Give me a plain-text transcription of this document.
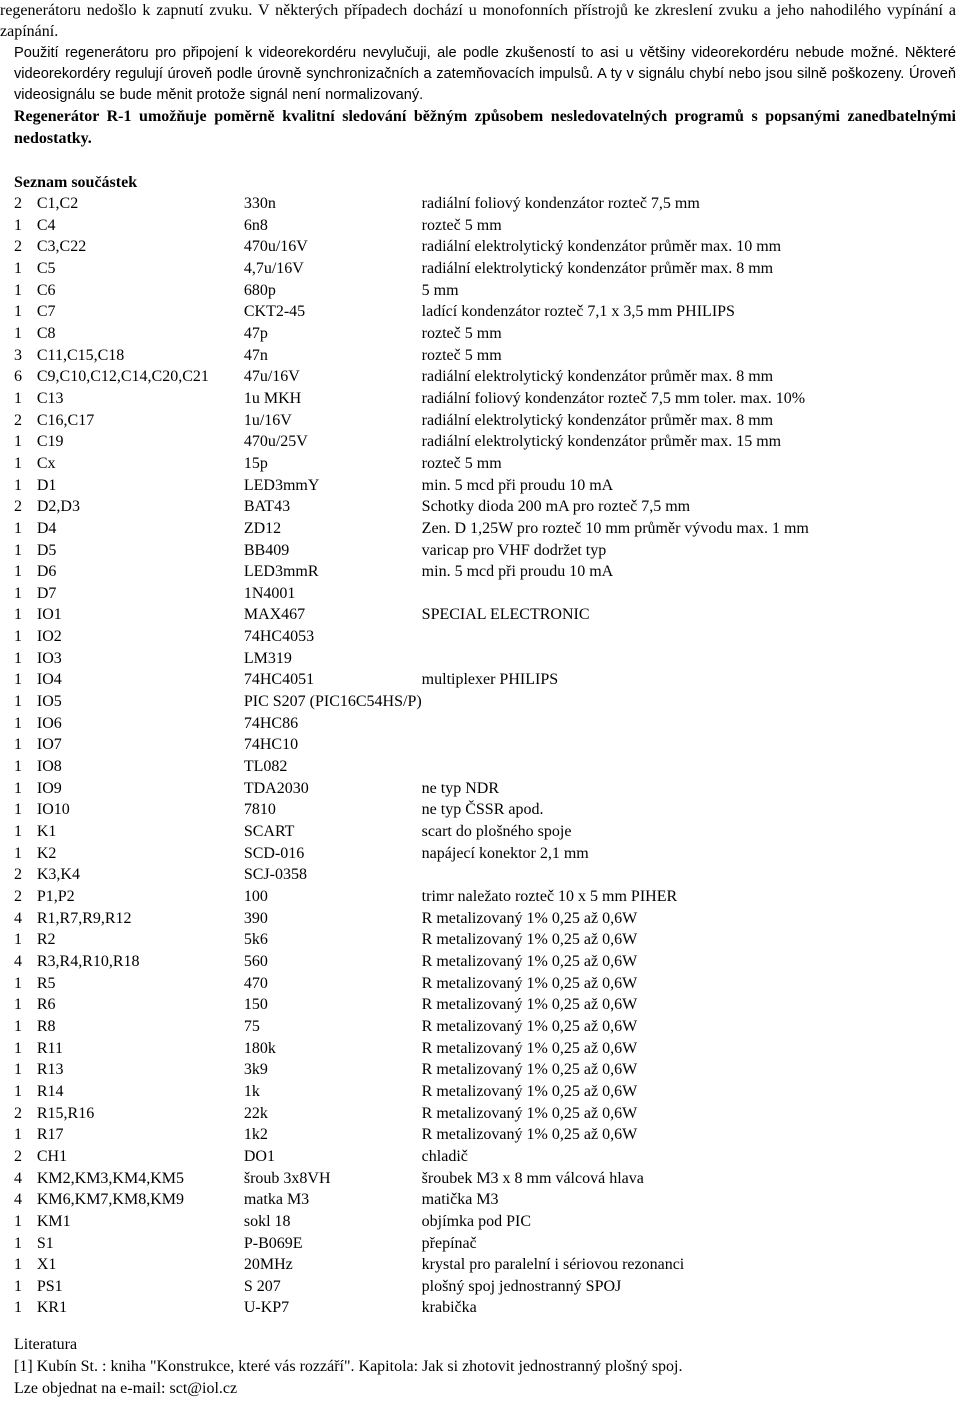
regenerátoru nedošlo k zapnutí zvuku. V některých případech dochází u monofonních přístrojů ke zkreslení zvuku a jeho nahodilého vypínání a zapínání.

Použití regenerátoru pro připojení k videorekordéru nevylučuji, ale podle zkušeností to asi u většiny videorekordéru nebude možné. Některé videorekordéry regulují úroveň podle úrovně synchronizačních a zatemňovacích impulsů. A ty v signálu chybí nebo jsou silně poškozeny. Úroveň videosignálu se bude měnit protože signál není normalizovaný.

Regenerátor R-1 umožňuje poměrně kvalitní sledování běžným způsobem nesledovatelných programů s popsanými zanedbatelnými nedostatky.

Seznam součástek
2	C1,C2	330n	radiální foliový kondenzátor rozteč 7,5 mm
1	C4	6n8	rozteč 5 mm
2	C3,C22	470u/16V	radiální elektrolytický kondenzátor průměr max. 10 mm
1	C5	4,7u/16V	radiální elektrolytický kondenzátor průměr max. 8 mm
1	C6	680p	5 mm
1	C7	CKT2-45	ladící kondenzátor rozteč 7,1 x 3,5 mm PHILIPS
1	C8	47p	rozteč 5 mm
3	C11,C15,C18	47n	rozteč 5 mm
6	C9,C10,C12,C14,C20,C21	47u/16V	radiální elektrolytický kondenzátor průměr max. 8 mm
1	C13	1u MKH	radiální foliový kondenzátor rozteč 7,5 mm toler. max. 10%
2	C16,C17	1u/16V	radiální elektrolytický kondenzátor průměr max. 8 mm
1	C19	470u/25V	radiální elektrolytický kondenzátor průměr max. 15 mm
1	Cx	15p	rozteč 5 mm
1	D1	LED3mmY	min. 5 mcd při proudu 10 mA
2	D2,D3	BAT43	Schotky dioda 200 mA pro rozteč 7,5 mm
1	D4	ZD12	Zen. D 1,25W pro rozteč 10 mm průměr vývodu max. 1 mm
1	D5	BB409	varicap pro VHF dodržet typ
1	D6	LED3mmR	min. 5 mcd při proudu 10 mA
1	D7	1N4001	
1	IO1	MAX467	SPECIAL ELECTRONIC
1	IO2	74HC4053	
1	IO3	LM319	
1	IO4	74HC4051	multiplexer PHILIPS
1	IO5	PIC S207 (PIC16C54HS/P)	
1	IO6	74HC86	
1	IO7	74HC10	
1	IO8	TL082	
1	IO9	TDA2030	ne typ NDR
1	IO10	7810	ne typ ČSSR apod.
1	K1	SCART	scart do plošného spoje
1	K2	SCD-016	napájecí konektor 2,1 mm
2	K3,K4	SCJ-0358	
2	P1,P2	100	trimr naležato rozteč 10 x 5 mm PIHER
4	R1,R7,R9,R12	390	R metalizovaný 1% 0,25 až 0,6W
1	R2	5k6	R metalizovaný 1% 0,25 až 0,6W
4	R3,R4,R10,R18	560	R metalizovaný 1% 0,25 až 0,6W
1	R5	470	R metalizovaný 1% 0,25 až 0,6W
1	R6	150	R metalizovaný 1% 0,25 až 0,6W
1	R8	75	R metalizovaný 1% 0,25 až 0,6W
1	R11	180k	R metalizovaný 1% 0,25 až 0,6W
1	R13	3k9	R metalizovaný 1% 0,25 až 0,6W
1	R14	1k	R metalizovaný 1% 0,25 až 0,6W
2	R15,R16	22k	R metalizovaný 1% 0,25 až 0,6W
1	R17	1k2	R metalizovaný 1% 0,25 až 0,6W
2	CH1	DO1	chladič
4	KM2,KM3,KM4,KM5	šroub 3x8VH	šroubek M3 x 8 mm válcová hlava
4	KM6,KM7,KM8,KM9	matka M3	matička M3
1	KM1	sokl 18	objímka pod PIC
1	S1	P-B069E	přepínač
1	X1	20MHz	krystal pro paralelní i sériovou rezonanci
1	PS1	S 207	plošný spoj jednostranný SPOJ
1	KR1	U-KP7	krabička
Literatura
[1] Kubín St. : kniha "Konstrukce, které vás rozzáří". Kapitola: Jak si zhotovit jednostranný plošný spoj.
Lze objednat na e-mail: sct@iol.cz
